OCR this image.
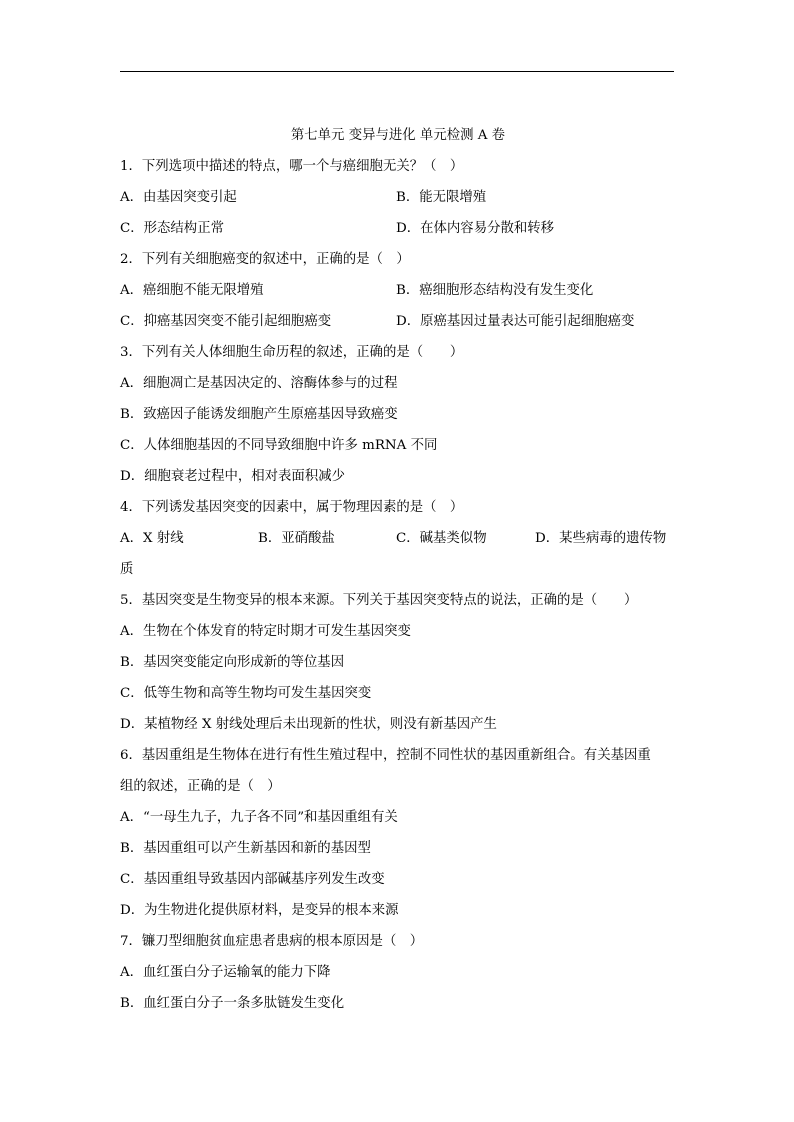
第七单元 变异与进化 单元检测 A 卷
1．下列选项中描述的特点，哪一个与癌细胞无关？（　）
A．由基因突变引起	B．能无限增殖
C．形态结构正常	D．在体内容易分散和转移
2．下列有关细胞癌变的叙述中，正确的是（　）
A．癌细胞不能无限增殖	B．癌细胞形态结构没有发生变化
C．抑癌基因突变不能引起细胞癌变	D．原癌基因过量表达可能引起细胞癌变
3．下列有关人体细胞生命历程的叙述，正确的是（　　）
A．细胞凋亡是基因决定的、溶酶体参与的过程
B．致癌因子能诱发细胞产生原癌基因导致癌变
C．人体细胞基因的不同导致细胞中许多 mRNA 不同
D．细胞衰老过程中，相对表面积减少
4．下列诱发基因突变的因素中，属于物理因素的是（　）
A．X 射线	B．亚硝酸盐	C．碱基类似物	D．某些病毒的遗传物
质
5．基因突变是生物变异的根本来源。下列关于基因突变特点的说法，正确的是（　　）
A．生物在个体发育的特定时期才可发生基因突变
B．基因突变能定向形成新的等位基因
C．低等生物和高等生物均可发生基因突变
D．某植物经 X 射线处理后未出现新的性状，则没有新基因产生
6．基因重组是生物体在进行有性生殖过程中，控制不同性状的基因重新组合。有关基因重
组的叙述，正确的是（　）
A．“一母生九子，九子各不同”和基因重组有关
B．基因重组可以产生新基因和新的基因型
C．基因重组导致基因内部碱基序列发生改变
D．为生物进化提供原材料，是变异的根本来源
7．镰刀型细胞贫血症患者患病的根本原因是（　）
A．血红蛋白分子运输氧的能力下降
B．血红蛋白分子一条多肽链发生变化
